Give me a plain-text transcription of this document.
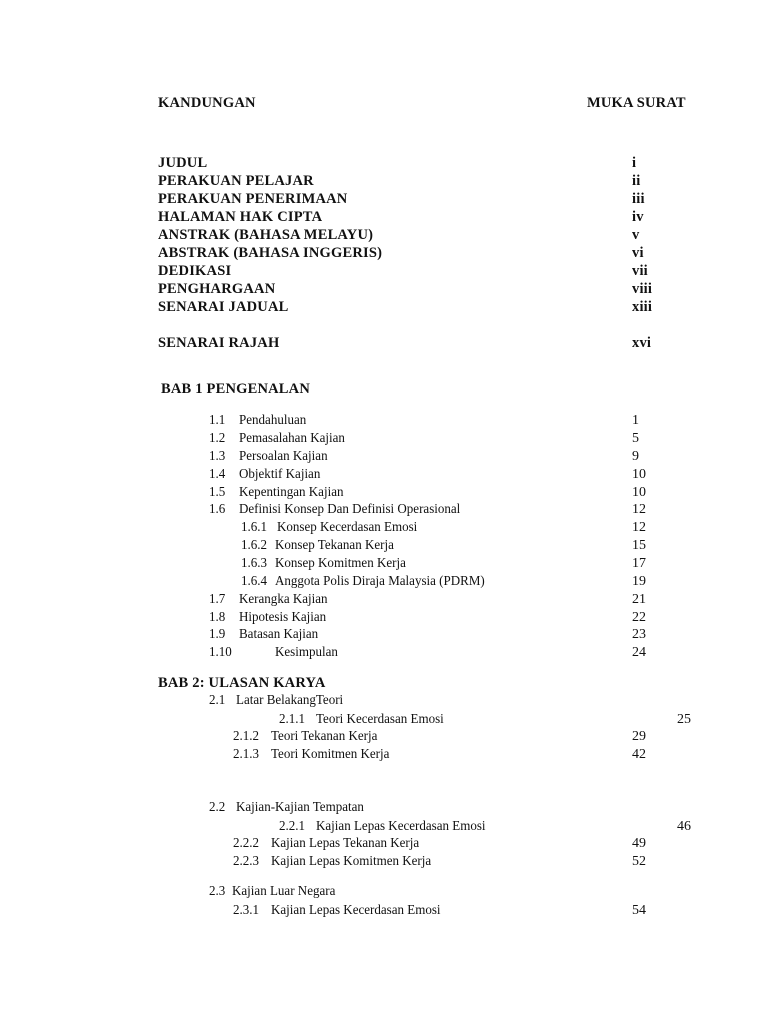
KANDUNGAN	MUKA SURAT
JUDUL	i
PERAKUAN PELAJAR	ii
PERAKUAN PENERIMAAN	iii
HALAMAN HAK CIPTA	iv
ANSTRAK (BAHASA MELAYU)	v
ABSTRAK (BAHASA INGGERIS)	vi
DEDIKASI	vii
PENGHARGAAN	viii
SENARAI JADUAL	xiii
SENARAI RAJAH	xvi
BAB 1 PENGENALAN
1.1 Pendahuluan	1
1.2 Pemasalahan Kajian	5
1.3 Persoalan Kajian	9
1.4 Objektif Kajian	10
1.5 Kepentingan Kajian	10
1.6 Definisi Konsep Dan Definisi Operasional	12
1.6.1 Konsep Kecerdasan Emosi	12
1.6.2 Konsep Tekanan Kerja	15
1.6.3 Konsep Komitmen Kerja	17
1.6.4 Anggota Polis Diraja Malaysia (PDRM)	19
1.7 Kerangka Kajian	21
1.8 Hipotesis Kajian	22
1.9 Batasan Kajian	23
1.10	Kesimpulan	24
BAB 2: ULASAN KARYA
2.1 Latar BelakangTeori
2.1.1 Teori Kecerdasan Emosi	25
2.1.2 Teori Tekanan Kerja	29
2.1.3 Teori Komitmen Kerja	42
2.2 Kajian-Kajian Tempatan
2.2.1 Kajian Lepas Kecerdasan Emosi	46
2.2.2 Kajian Lepas Tekanan Kerja	49
2.2.3 Kajian Lepas Komitmen Kerja	52
2.3 Kajian Luar Negara
2.3.1 Kajian Lepas Kecerdasan Emosi	54
